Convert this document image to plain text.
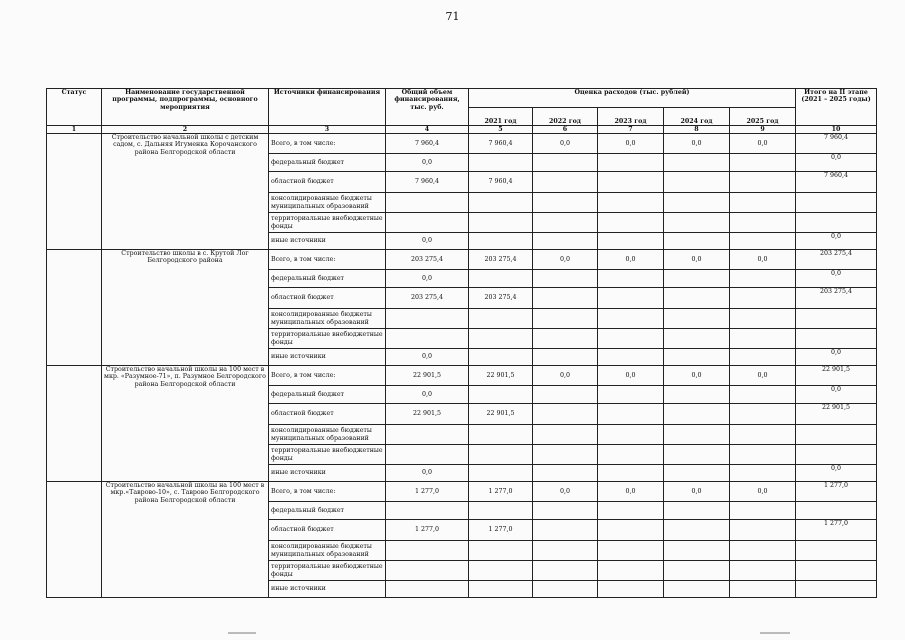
71
Статус	Наименование государственной программы, подпрограммы, основного мероприятия	Источники финансирования	Общий объем финансирования, тыс. руб.	Оценка расходов (тыс. рублей)					Итого на II этапе (2021 – 2025 годы)
				2021 год	2022 год	2023 год	2024 год	2025 год	
1	2	3	4	5	6	7	8	9	10
	Строительство начальной школы с детским садом, с. Дальняя Игуменка Корочанского района Белгородской области	Всего, в том числе:	7 960,4	7 960,4	0,0	0,0	0,0	0,0	7 960,4
		федеральный бюджет	0,0						0,0
		областной бюджет	7 960,4	7 960,4					7 960,4
		консолидированные бюджеты муниципальных образований							
		территориальные внебюджетные фонды							
		иные источники	0,0						0,0
	Строительство школы в с. Крутой Лог Белгородского района	Всего, в том числе:	203 275,4	203 275,4	0,0	0,0	0,0	0,0	203 275,4
		федеральный бюджет	0,0						0,0
		областной бюджет	203 275,4	203 275,4					203 275,4
		консолидированные бюджеты муниципальных образований							
		территориальные внебюджетные фонды							
		иные источники	0,0						0,0
	Строительство начальной школы на 100 мест в мкр. «Разумное-71», п. Разумное Белгородского района Белгородской области	Всего, в том числе:	22 901,5	22 901,5	0,0	0,0	0,0	0,0	22 901,5
		федеральный бюджет	0,0						0,0
		областной бюджет	22 901,5	22 901,5					22 901,5
		консолидированные бюджеты муниципальных образований							
		территориальные внебюджетные фонды							
		иные источники	0,0						0,0
	Строительство начальной школы на 100 мест в мкр.«Таврово-10», с. Таврово Белгородского района Белгородской области	Всего, в том числе:	1 277,0	1 277,0	0,0	0,0	0,0	0,0	1 277,0
		федеральный бюджет							
		областной бюджет	1 277,0	1 277,0					1 277,0
		консолидированные бюджеты муниципальных образований							
		территориальные внебюджетные фонды							
		иные источники							
